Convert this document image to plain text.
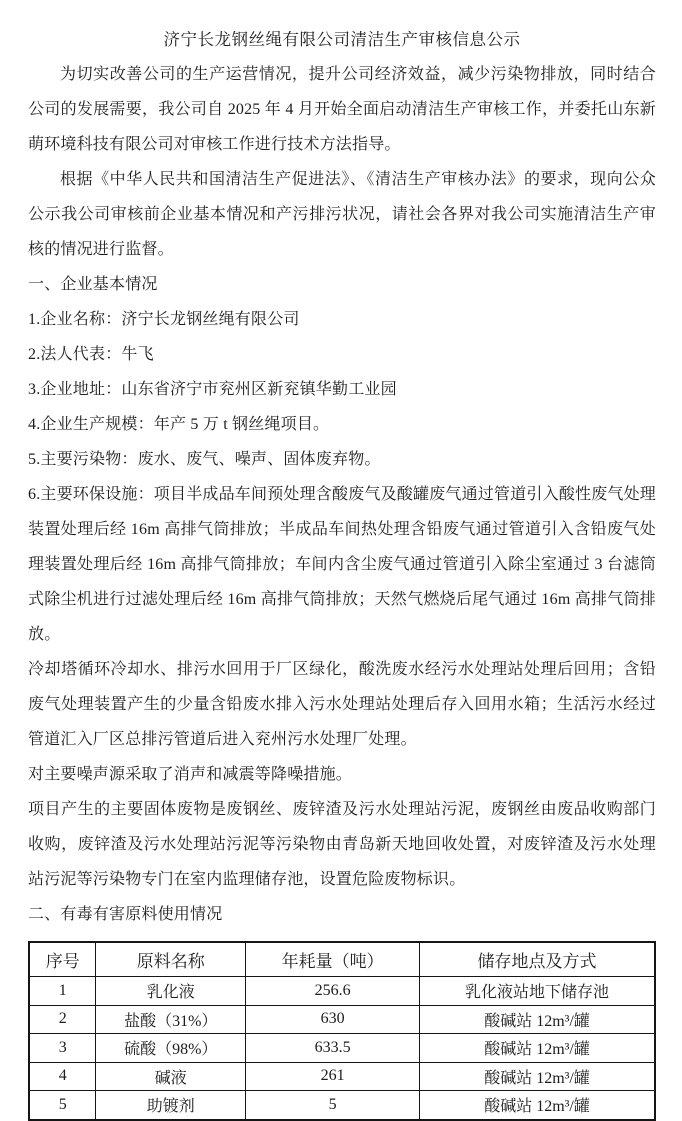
济宁长龙钢丝绳有限公司清洁生产审核信息公示

为切实改善公司的生产运营情况，提升公司经济效益，减少污染物排放，同时结合公司的发展需要，我公司自 2025 年 4 月开始全面启动清洁生产审核工作，并委托山东新萌环境科技有限公司对审核工作进行技术方法指导。

根据《中华人民共和国清洁生产促进法》、《清洁生产审核办法》的要求，现向公众公示我公司审核前企业基本情况和产污排污状况，请社会各界对我公司实施清洁生产审核的情况进行监督。

一、企业基本情况

1.企业名称：济宁长龙钢丝绳有限公司

2.法人代表：牛飞

3.企业地址：山东省济宁市兖州区新兖镇华勤工业园

4.企业生产规模：年产 5 万 t 钢丝绳项目。

5.主要污染物：废水、废气、噪声、固体废弃物。

6.主要环保设施：项目半成品车间预处理含酸废气及酸罐废气通过管道引入酸性废气处理装置处理后经 16m 高排气筒排放；半成品车间热处理含铅废气通过管道引入含铅废气处理装置处理后经 16m 高排气筒排放；车间内含尘废气通过管道引入除尘室通过 3 台滤筒式除尘机进行过滤处理后经 16m 高排气筒排放；天然气燃烧后尾气通过 16m 高排气筒排放。

冷却塔循环冷却水、排污水回用于厂区绿化，酸洗废水经污水处理站处理后回用；含铅废气处理装置产生的少量含铅废水排入污水处理站处理后存入回用水箱；生活污水经过管道汇入厂区总排污管道后进入兖州污水处理厂处理。

对主要噪声源采取了消声和减震等降噪措施。

项目产生的主要固体废物是废钢丝、废锌渣及污水处理站污泥，废钢丝由废品收购部门收购，废锌渣及污水处理站污泥等污染物由青岛新天地回收处置，对废锌渣及污水处理站污泥等污染物专门在室内监理储存池，设置危险废物标识。

二、有毒有害原料使用情况

序号	原料名称	年耗量（吨）	储存地点及方式
1	乳化液	256.6	乳化液站地下储存池
2	盐酸（31%）	630	酸碱站 12m³/罐
3	硫酸（98%）	633.5	酸碱站 12m³/罐
4	碱液	261	酸碱站 12m³/罐
5	助镀剂	5	酸碱站 12m³/罐
